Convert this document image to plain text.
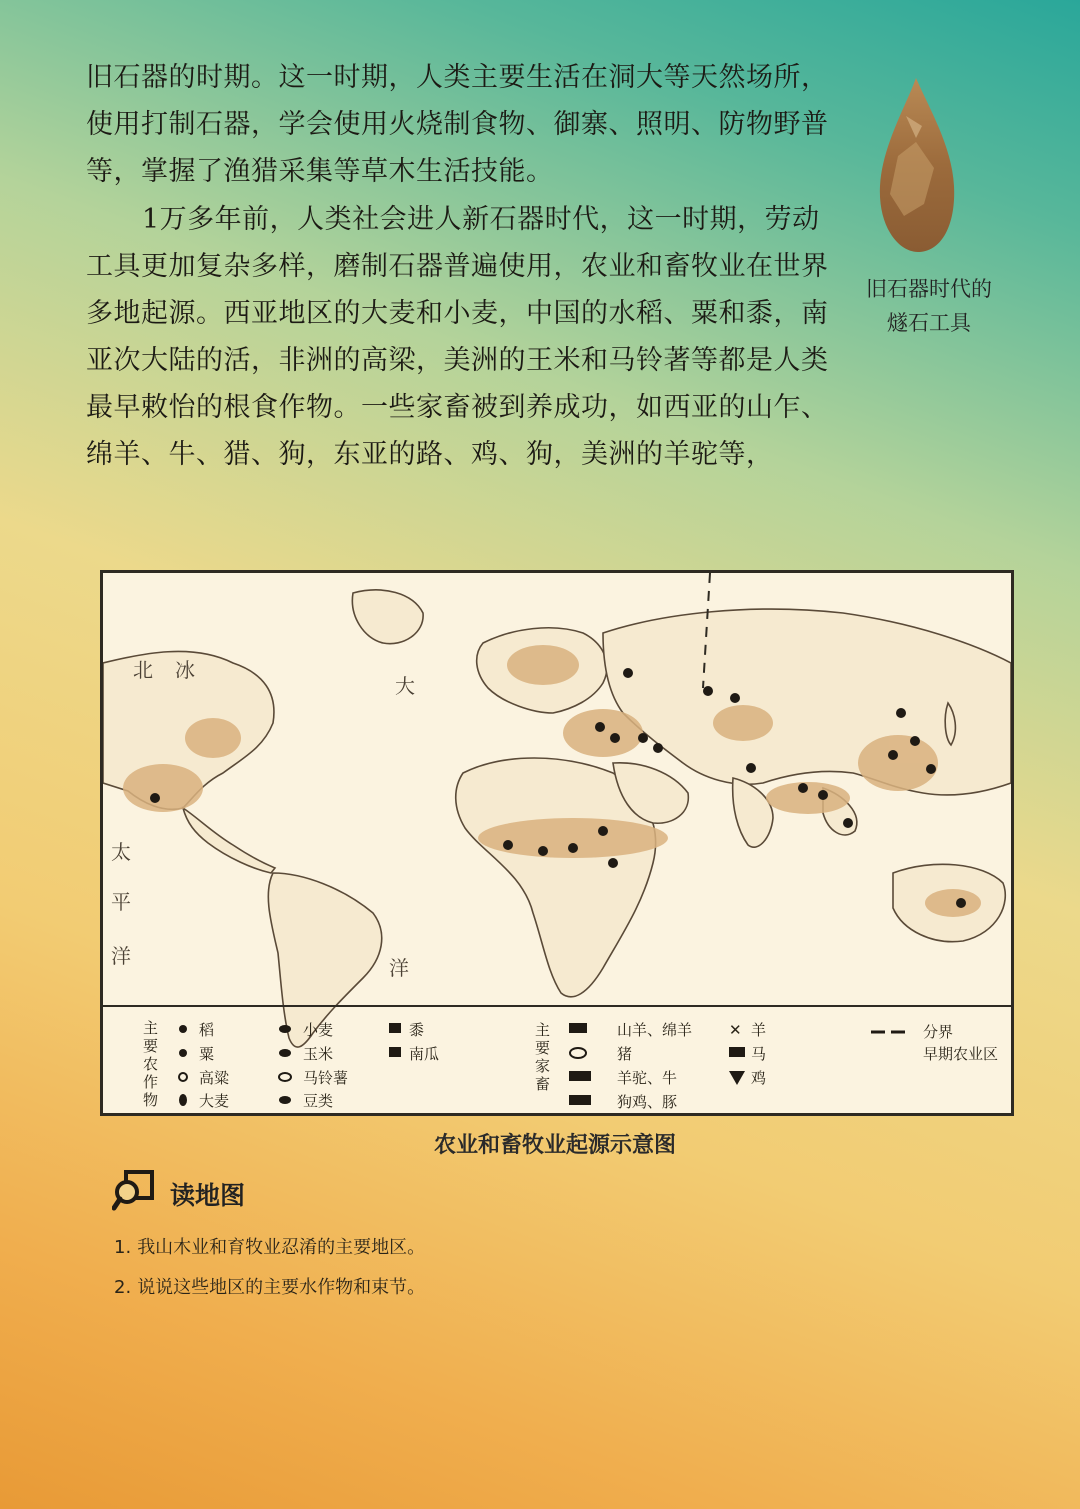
旧石器的时期。这一时期，人类主要生活在洞大等天然场所，使用打制石器，学会使用火烧制食物、御寨、照明、防物野普等，掌握了渔猎采集等草木生活技能。

1万多年前，人类社会进人新石器时代，这一时期，劳动工具更加复杂多样，磨制石器普遍使用，农业和畜牧业在世界多地起源。西亚地区的大麦和小麦，中国的水稻、粟和黍，南亚次大陆的活，非洲的高梁，美洲的王米和马铃著等都是人类最早敕怡的根食作物。一些家畜被到养成功，如西亚的山乍、绵羊、牛、猎、狗，东亚的路、鸡、狗，美洲的羊驼等，

旧石器时代的
燧石工具

大
太
平
洋	洋
北 冰
主
要
农
作
物
稻
粟
高粱
大麦
小麦
玉米
马铃薯
豆类
黍
南瓜
主
要
家
畜
山羊、绵羊
猪
羊驼、牛
狗鸡、豚
✕ 羊
马
鸡
分界
早期农业区

农业和畜牧业起源示意图

读地图
1. 我山木业和育牧业忍淆的主要地区。
2. 说说这些地区的主要水作物和束节。
